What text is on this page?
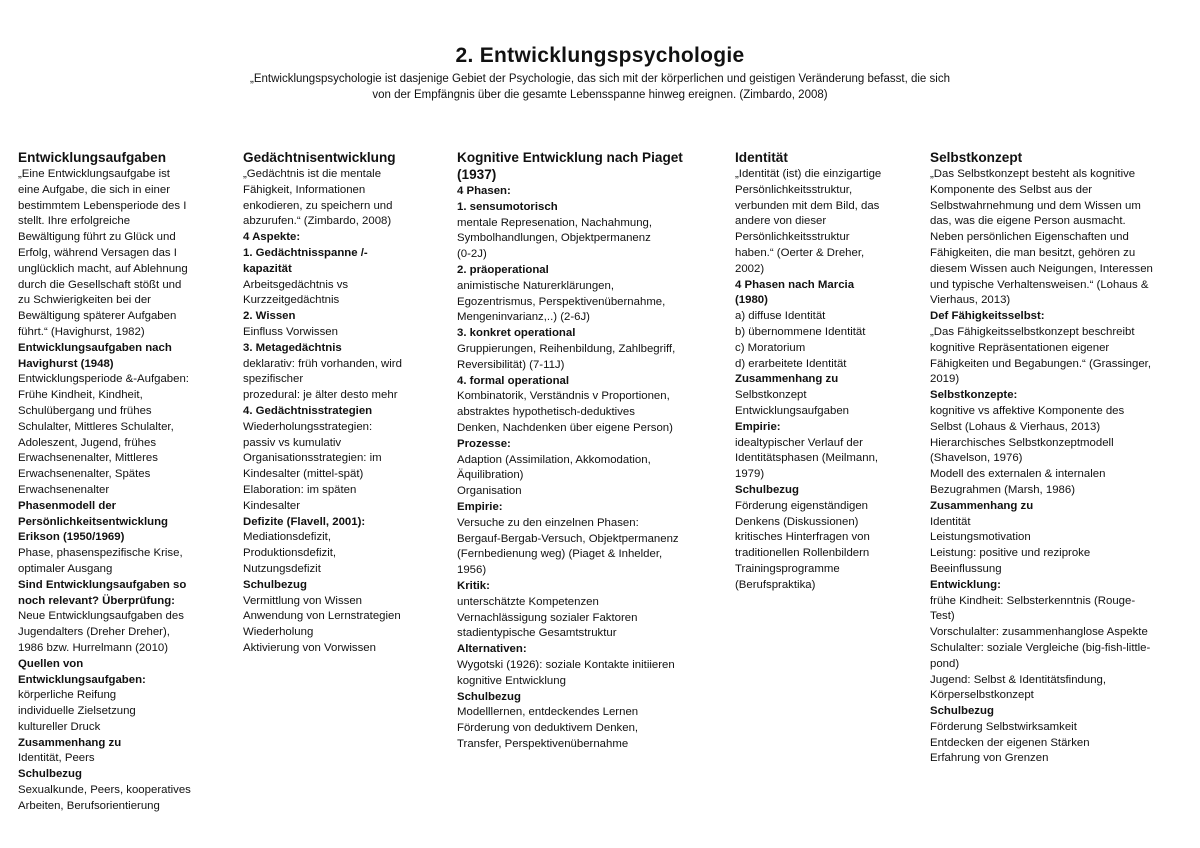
2. Entwicklungspsychologie
„Entwicklungspsychologie ist dasjenige Gebiet der Psychologie, das sich mit der körperlichen und geistigen Veränderung befasst, die sich
von der Empfängnis über die gesamte Lebensspanne hinweg ereignen. (Zimbardo, 2008)
Entwicklungsaufgaben

„Eine Entwicklungsaufgabe ist

eine Aufgabe, die sich in einer

bestimmtem Lebensperiode des I

stellt. Ihre erfolgreiche

Bewältigung führt zu Glück und

Erfolg, während Versagen das I

unglücklich macht, auf Ablehnung

durch die Gesellschaft stößt und

zu Schwierigkeiten bei der

Bewältigung späterer Aufgaben

führt.“ (Havighurst, 1982)

Entwicklungsaufgaben nach

Havighurst (1948)

Entwicklungsperiode &-Aufgaben:

Frühe Kindheit, Kindheit,

Schulübergang und frühes

Schulalter, Mittleres Schulalter,

Adoleszent, Jugend, frühes

Erwachsenenalter, Mittleres

Erwachsenenalter, Spätes

Erwachsenenalter

Phasenmodell der

Persönlichkeitsentwicklung

Erikson (1950/1969)

Phase, phasenspezifische Krise,

optimaler Ausgang

Sind Entwicklungsaufgaben so

noch relevant? Überprüfung:

Neue Entwicklungsaufgaben des

Jugendalters (Dreher Dreher),

1986 bzw. Hurrelmann (2010)

Quellen von

Entwicklungsaufgaben:

körperliche Reifung

individuelle Zielsetzung

kultureller Druck

Zusammenhang zu

Identität, Peers

Schulbezug

Sexualkunde, Peers, kooperatives

Arbeiten, Berufsorientierung

Gedächtnisentwicklung

„Gedächtnis ist die mentale

Fähigkeit, Informationen

enkodieren, zu speichern und

abzurufen.“ (Zimbardo, 2008)

4 Aspekte:

1. Gedächtnisspanne /-

kapazität

Arbeitsgedächtnis vs

Kurzzeitgedächtnis

2. Wissen

Einfluss Vorwissen

3. Metagedächtnis

deklarativ: früh vorhanden, wird

spezifischer

prozedural: je älter desto mehr

4. Gedächtnisstrategien

Wiederholungsstrategien:

passiv vs kumulativ

Organisationsstrategien: im

Kindesalter (mittel-spät)

Elaboration: im späten

Kindesalter

Defizite (Flavell, 2001):

Mediationsdefizit,

Produktionsdefizit,

Nutzungsdefizit

Schulbezug

Vermittlung von Wissen

Anwendung von Lernstrategien

Wiederholung

Aktivierung von Vorwissen

Kognitive Entwicklung nach Piaget (1937)

4 Phasen:

1. sensumotorisch

mentale Represenation, Nachahmung,

Symbolhandlungen, Objektpermanenz

(0-2J)

2. präoperational

animistische Naturerklärungen,

Egozentrismus, Perspektivenübernahme,

Mengeninvarianz,..) (2-6J)

3. konkret operational

Gruppierungen, Reihenbildung, Zahlbegriff,

Reversibilität) (7-11J)

4. formal operational

Kombinatorik, Verständnis v Proportionen,

abstraktes hypothetisch-deduktives

Denken, Nachdenken über eigene Person)

Prozesse:

Adaption (Assimilation, Akkomodation,

Äquilibration)

Organisation

Empirie:

Versuche zu den einzelnen Phasen:

Bergauf-Bergab-Versuch, Objektpermanenz

(Fernbedienung weg) (Piaget & Inhelder,

1956)

Kritik:

unterschätzte Kompetenzen

Vernachlässigung sozialer Faktoren

stadientypische Gesamtstruktur

Alternativen:

Wygotski (1926): soziale Kontakte initiieren

kognitive Entwicklung

Schulbezug

Modelllernen, entdeckendes Lernen

Förderung von deduktivem Denken,

Transfer, Perspektivenübernahme

Identität

„Identität (ist) die einzigartige

Persönlichkeitsstruktur,

verbunden mit dem Bild, das

andere von dieser

Persönlichkeitsstruktur

haben.“ (Oerter & Dreher,

2002)

4 Phasen nach Marcia

(1980)

a) diffuse Identität

b) übernommene Identität

c) Moratorium

d) erarbeitete Identität

Zusammenhang zu

Selbstkonzept

Entwicklungsaufgaben

Empirie:

idealtypischer Verlauf der

Identitätsphasen (Meilmann,

1979)

Schulbezug

Förderung eigenständigen

Denkens (Diskussionen)

kritisches Hinterfragen von

traditionellen Rollenbildern

Trainingsprogramme

(Berufspraktika)

Selbstkonzept

„Das Selbstkonzept besteht als kognitive

Komponente des Selbst aus der

Selbstwahrnehmung und dem Wissen um

das, was die eigene Person ausmacht.

Neben persönlichen Eigenschaften und

Fähigkeiten, die man besitzt, gehören zu

diesem Wissen auch Neigungen, Interessen

und typische Verhaltensweisen.“ (Lohaus &

Vierhaus, 2013)

Def Fähigkeitsselbst:

„Das Fähigkeitsselbstkonzept beschreibt

kognitive Repräsentationen eigener

Fähigkeiten und Begabungen.“ (Grassinger,

2019)

Selbstkonzepte:

kognitive vs affektive Komponente des

Selbst (Lohaus & Vierhaus, 2013)

Hierarchisches Selbstkonzeptmodell

(Shavelson, 1976)

Modell des externalen & internalen

Bezugrahmen (Marsh, 1986)

Zusammenhang zu

Identität

Leistungsmotivation

Leistung: positive und reziproke

Beeinflussung

Entwicklung:

frühe Kindheit: Selbsterkenntnis (Rouge-

Test)

Vorschulalter: zusammenhanglose Aspekte

Schulalter: soziale Vergleiche (big-fish-little-

pond)

Jugend: Selbst & Identitätsfindung,

Körperselbstkonzept

Schulbezug

Förderung Selbstwirksamkeit

Entdecken der eigenen Stärken

Erfahrung von Grenzen
